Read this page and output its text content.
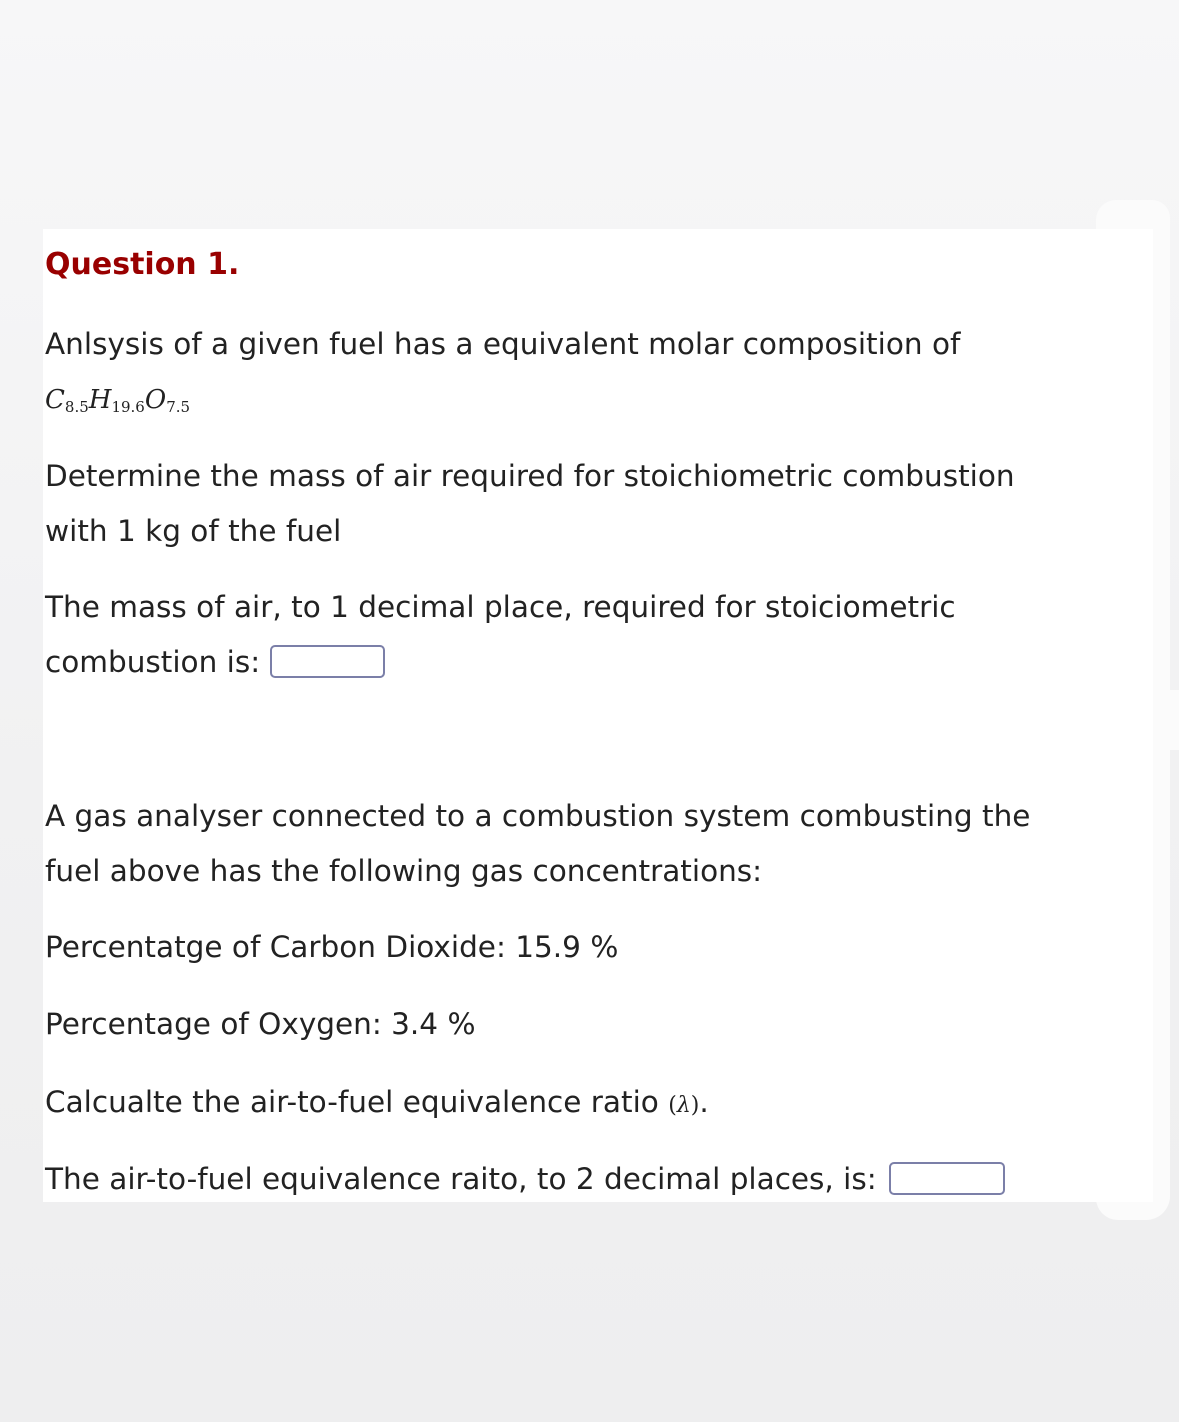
Question 1.

Anlsysis of a given fuel has a equivalent molar composition of

$C_{8.5}H_{19.6}O_{7.5}$

Determine the mass of air required for stoichiometric combustion
with 1 kg of the fuel

The mass of air, to 1 decimal place, required for stoiciometric
combustion is:

A gas analyser connected to a combustion system combusting the
fuel above has the following gas concentrations:

Percentatge of Carbon Dioxide: 15.9 %

Percentage of Oxygen: 3.4 %

Calcualte the air-to-fuel equivalence ratio (λ).

The air-to-fuel equivalence raito, to 2 decimal places, is:
